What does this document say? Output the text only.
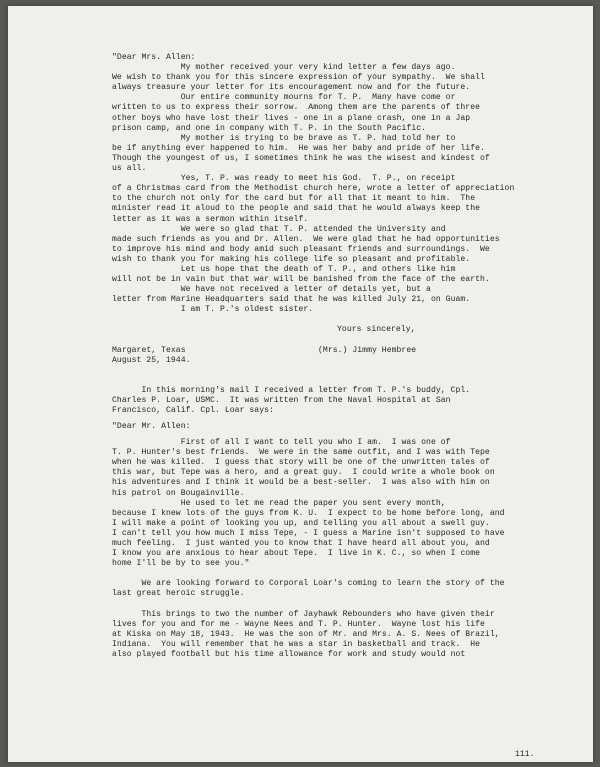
"Dear Mrs. Allen:
My mother received your very kind letter a few days ago.
We wish to thank you for this sincere expression of your sympathy.  We shall
always treasure your letter for its encouragement now and for the future.
Our entire community mourns for T. P.  Many have come or
written to us to express their sorrow.  Among them are the parents of three
other boys who have lost their lives - one in a plane crash, one in a Jap
prison camp, and one in company with T. P. in the South Pacific.
My mother is trying to be brave as T. P. had told her to
be if anything ever happened to him.  He was her baby and pride of her life.
Though the youngest of us, I sometimes think he was the wisest and kindest of
us all.
Yes, T. P. was ready to meet his God.  T. P., on receipt
of a Christmas card from the Methodist church here, wrote a letter of appreciation
to the church not only for the card but for all that it meant to him.  The
minister read it aloud to the people and said that he would always keep the
letter as it was a sermon within itself.
We were so glad that T. P. attended the University and
made such friends as you and Dr. Allen.  We were glad that he had opportunities
to improve his mind and body amid such pleasant friends and surroundings.  We
wish to thank you for making his college life so pleasant and profitable.
Let us hope that the death of T. P., and others like him
will not be in vain but that war will be banished from the face of the earth.
We have not received a letter of details yet, but a
letter from Marine Headquarters said that he was killed July 21, on Guam.
I am T. P.'s oldest sister.
Yours sincerely,
Margaret, Texas	(Mrs.) Jimmy Hembree
August 25, 1944.
In this morning's mail I received a letter from T. P.'s buddy, Cpl.
Charles P. Loar, USMC.  It was written from the Naval Hospital at San
Francisco, Calif. Cpl. Loar says:
"Dear Mr. Allen:
First of all I want to tell you who I am.  I was one of
T. P. Hunter's best friends.  We were in the same outfit, and I was with Tepe
when he was killed.  I guess that story will be one of the unwritten tales of
this war, but Tepe was a hero, and a great guy.  I could write a whole book on
his adventures and I think it would be a best-seller.  I was also with him on
his patrol on Bougainville.
He used to let me read the paper you sent every month,
because I knew lots of the guys from K. U.  I expect to be home before long, and
I will make a point of looking you up, and telling you all about a swell guy.
I can't tell you how much I miss Tepe, - I guess a Marine isn't supposed to have
much feeling.  I just wanted you to know that I have heard all about you, and
I know you are anxious to hear about Tepe.  I live in K. C., so when I come
home I'll be by to see you."
We are looking forward to Corporal Loar's coming to learn the story of the
last great heroic struggle.
This brings to two the number of Jayhawk Rebounders who have given their
lives for you and for me - Wayne Nees and T. P. Hunter.  Wayne lost his life
at Kiska on May 18, 1943.  He was the son of Mr. and Mrs. A. S. Nees of Brazil,
Indiana.  You will remember that he was a star in basketball and track.  He
also played football but his time allowance for work and study would not
111.
